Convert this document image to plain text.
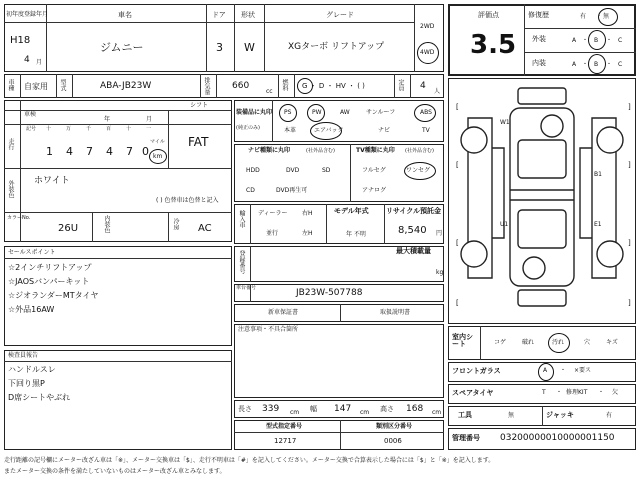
初年度登録年月
H18
4 月
車名
ジムニー
ドア
3
形状
W
グレード
XGターボ リフトアップ
2WD
4WD
車種 自家用 型式	ABA-JB23W	排気量 660
cc
燃料 G ・ D ・ HV ・ ( )	定員 4
人
車検
年	月
走行
記号 十	万	千	百	十	一
1 4 7 4 7 0
マイル
km
シフト
FAT
外装色 ホワイト
( ) 色替車は色替と記入
カラーNo.
26U	内装色	冷房 AC
セールスポイント
☆2インチリフトアップ
☆JAOSバンパーキット
☆ジオランダーMTタイヤ
☆外品16AW
検査員報告
ハンドルスレ
下回り黒P
D席シートやぶれ
装備品に丸印
(純正のみ)
PS	PW	AW	サンルーフ	ABS
本革	エアバック	ナビ	TV
ナビ種類に丸印	(社外品含む)	TV種類に丸印 (社外品含む)
HDD	DVD	SD
CD	DVD再生可
フルセグ	ワンセグ
アナログ
輸入車 ディーラー
並行
右H
左H
モデル年式
年 不明
リサイクル預託金
8,540 円
登録番号	最大積載量
kg
車台番号	JB23W-507788
新車保証書	取扱説明書
注意事項・不具合箇所
長さ 339 cm 幅 147 cm 高さ 168 cm
型式指定番号
12717
類別区分番号
0006
評価点
3.5
修復歴	有 ・ 無
外装	A ・ B ・ C
内装	A ・ B ・ C
W1
B1
U1	E1
[	]
[	]
[	]
[	]
室内シート	コゲ	破れ	汚れ	穴	キズ
フロントガラス	A ・ ×要ス
スペアタイヤ	T ・ 修理KIT ・ 欠
工具	無	ジャッキ	有
管理番号 03200000010000001150
走行距離の記号欄にメーター改ざん車は「※」、メーター交換車は「$」、走行不明車は「#」を記入してください。メーター交換で合算表示した場合には「$」と「※」を記入します。
またメーター交換の条件を満たしていないものはメーター改ざん車とみなします。
